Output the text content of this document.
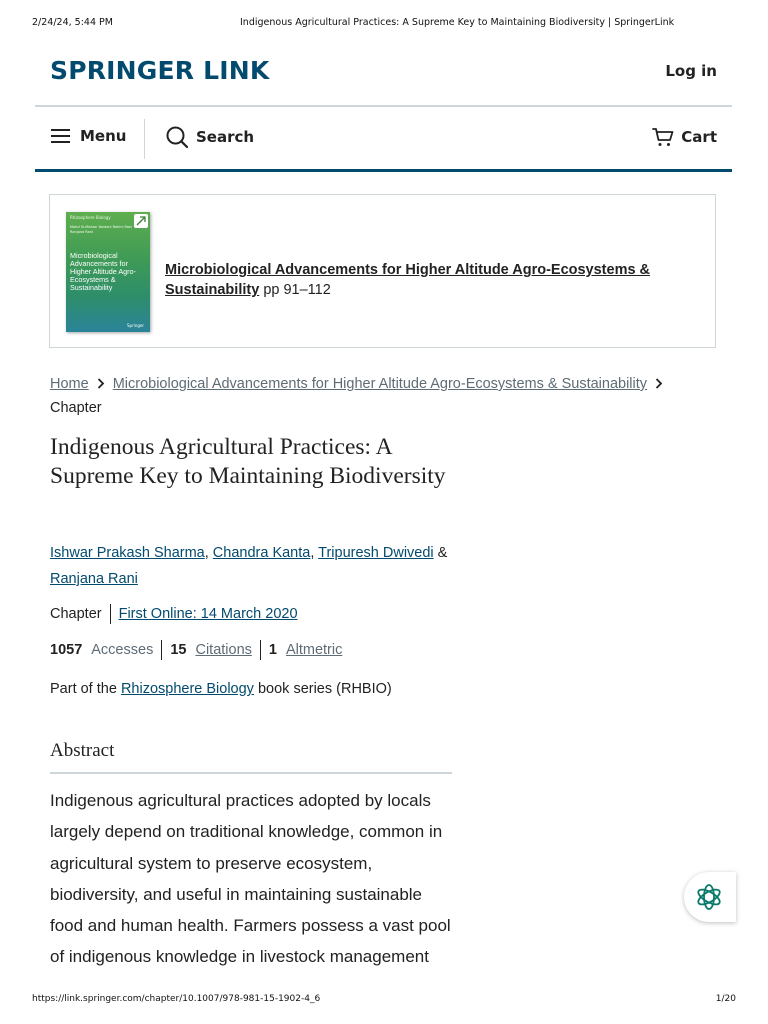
2/24/24, 5:44 PM	Indigenous Agricultural Practices: A Supreme Key to Maintaining Biodiversity | SpringerLink
SPRINGER LINK	Log in
Menu	Search	Cart
Rhizosphere Biology
Mohd Gulfishan Yazdani Rohini Rani Ranjana Rani
Microbiological Advancements for Higher Altitude Agro-Ecosystems & Sustainability
Springer
Microbiological Advancements for Higher Altitude Agro-Ecosystems & Sustainability pp 91–112
Home Microbiological Advancements for Higher Altitude Agro-Ecosystems & Sustainability
Chapter
Indigenous Agricultural Practices: A Supreme Key to Maintaining Biodiversity
Ishwar Prakash Sharma, Chandra Kanta, Tripuresh Dwivedi &
Ranjana Rani
Chapter First Online: 14 March 2020
1057 Accesses 15 Citations 1 Altmetric
Part of the Rhizosphere Biology book series (RHBIO)
Abstract

Indigenous agricultural practices adopted by locals largely depend on traditional knowledge, common in agricultural system to preserve ecosystem, biodiversity, and useful in maintaining sustainable food and human health. Farmers possess a vast pool of indigenous knowledge in livestock management

https://link.springer.com/chapter/10.1007/978-981-15-1902-4_6	1/20
